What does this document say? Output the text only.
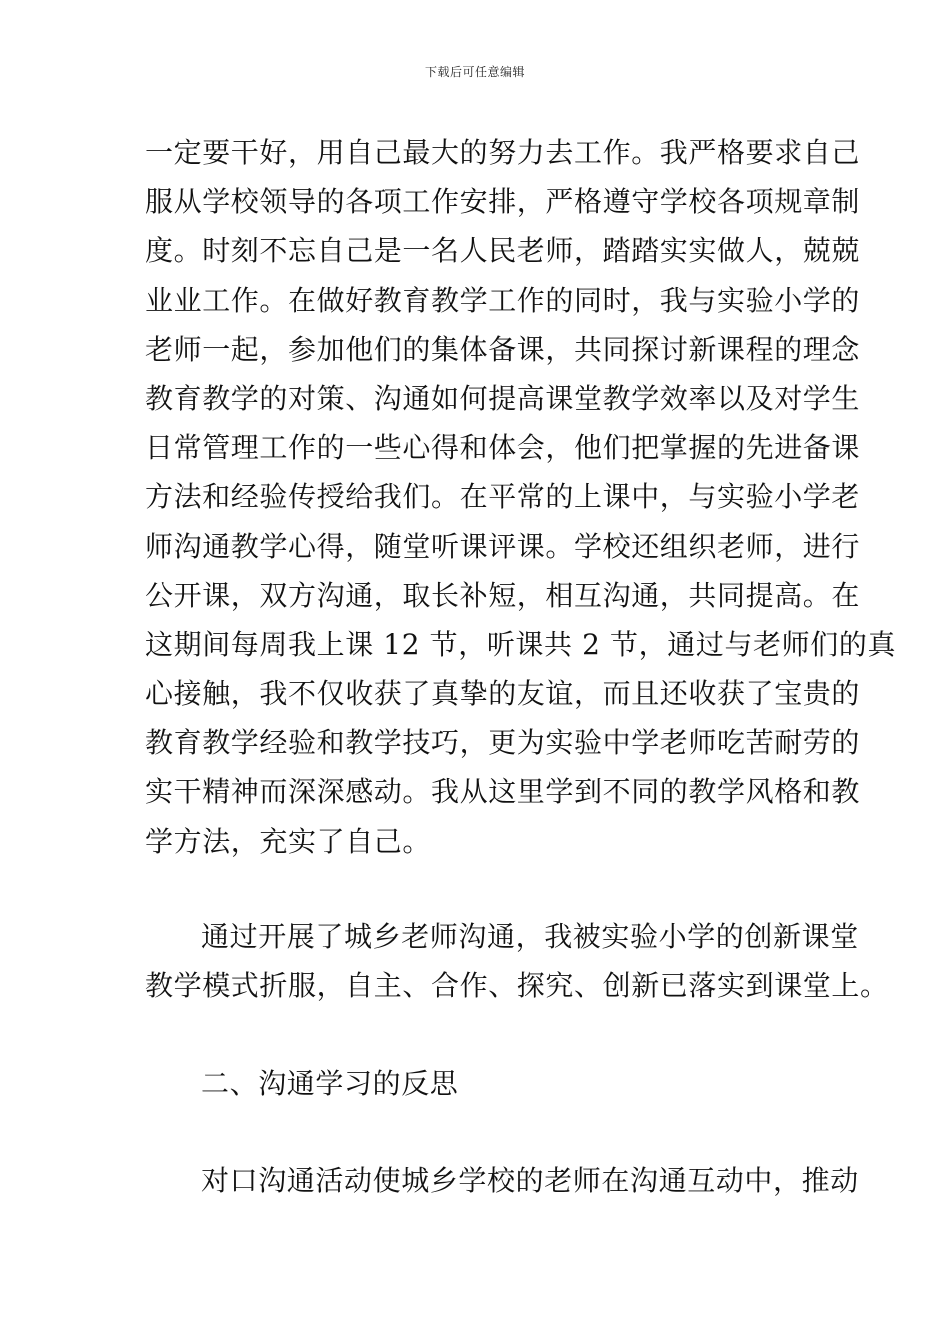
下载后可任意编辑
一定要干好，用自己最大的努力去工作。我严格要求自己
服从学校领导的各项工作安排，严格遵守学校各项规章制
度。时刻不忘自己是一名人民老师，踏踏实实做人，兢兢
业业工作。在做好教育教学工作的同时，我与实验小学的
老师一起，参加他们的集体备课，共同探讨新课程的理念
教育教学的对策、沟通如何提高课堂教学效率以及对学生
日常管理工作的一些心得和体会，他们把掌握的先进备课
方法和经验传授给我们。在平常的上课中，与实验小学老
师沟通教学心得，随堂听课评课。学校还组织老师，进行
公开课，双方沟通，取长补短，相互沟通，共同提高。在
这期间每周我上课 12 节，听课共 2 节，通过与老师们的真
心接触，我不仅收获了真挚的友谊，而且还收获了宝贵的
教育教学经验和教学技巧，更为实验中学老师吃苦耐劳的
实干精神而深深感动。我从这里学到不同的教学风格和教
学方法，充实了自己。
通过开展了城乡老师沟通，我被实验小学的创新课堂
教学模式折服，自主、合作、探究、创新已落实到课堂上。
二、沟通学习的反思
对口沟通活动使城乡学校的老师在沟通互动中，推动
